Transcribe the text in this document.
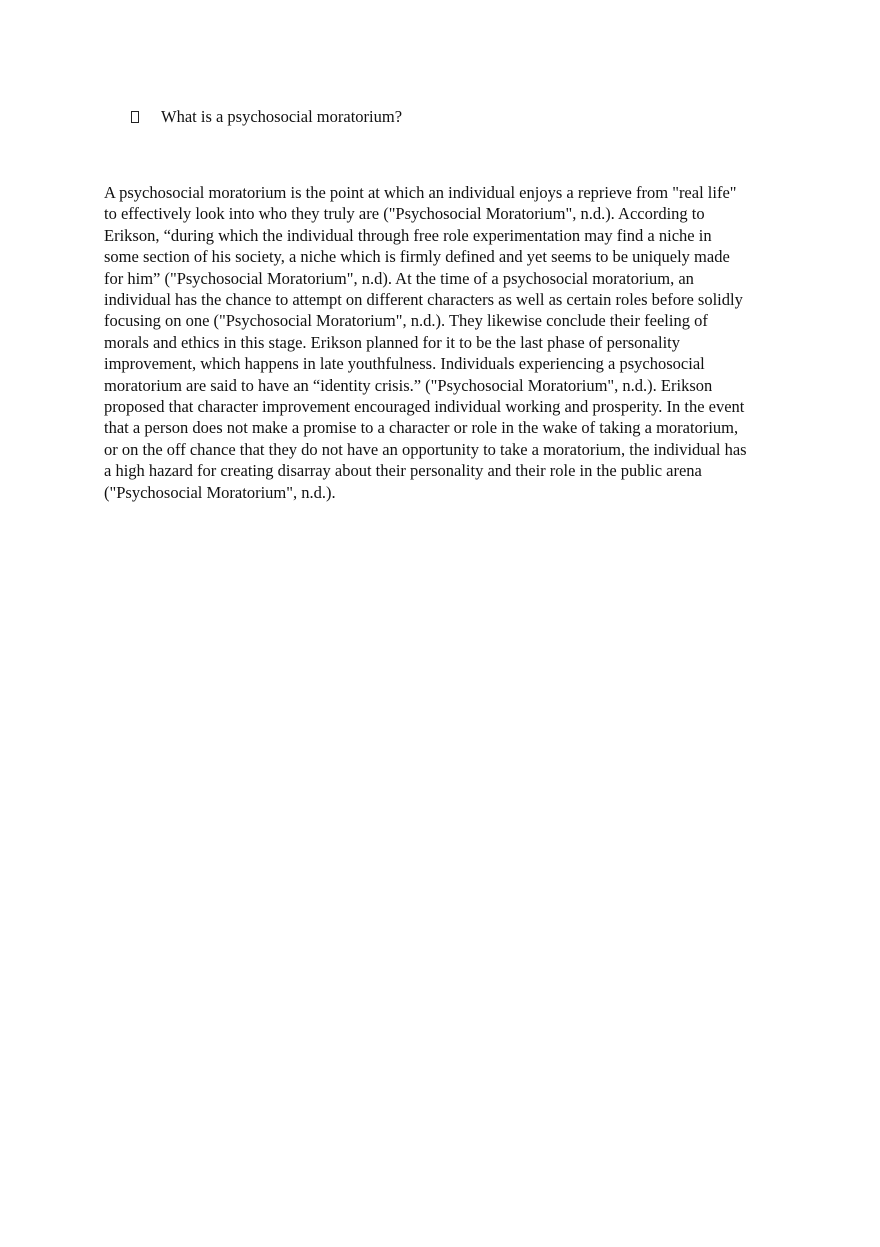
What is a psychosocial moratorium?

A psychosocial moratorium is the point at which an individual enjoys a reprieve from "real life"
to effectively look into who they truly are ("Psychosocial Moratorium", n.d.). According to
Erikson, “during which the individual through free role experimentation may find a niche in
some section of his society, a niche which is firmly defined and yet seems to be uniquely made
for him” ("Psychosocial Moratorium", n.d). At the time of a psychosocial moratorium, an
individual has the chance to attempt on different characters as well as certain roles before solidly
focusing on one ("Psychosocial Moratorium", n.d.). They likewise conclude their feeling of
morals and ethics in this stage. Erikson planned for it to be the last phase of personality
improvement, which happens in late youthfulness. Individuals experiencing a psychosocial
moratorium are said to have an “identity crisis.” ("Psychosocial Moratorium", n.d.). Erikson
proposed that character improvement encouraged individual working and prosperity. In the event
that a person does not make a promise to a character or role in the wake of taking a moratorium,
or on the off chance that they do not have an opportunity to take a moratorium, the individual has
a high hazard for creating disarray about their personality and their role in the public arena
("Psychosocial Moratorium", n.d.).
